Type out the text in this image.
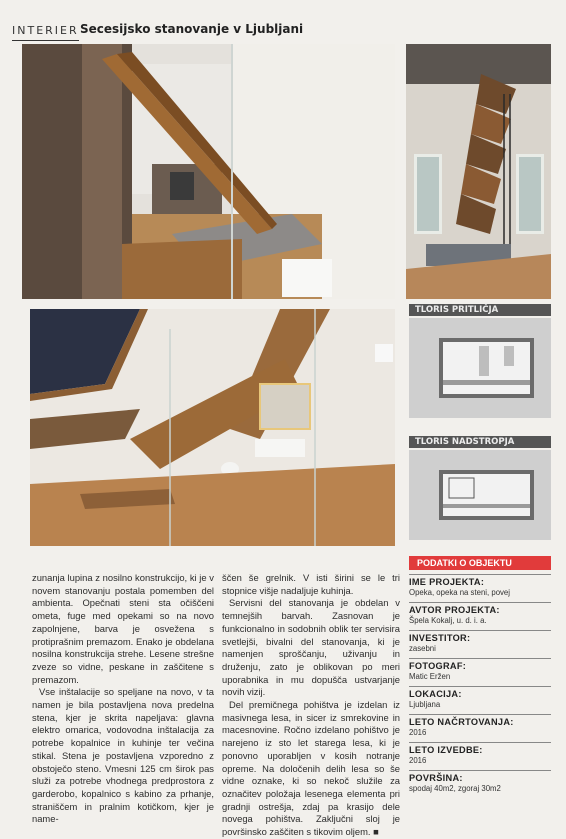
INTERIER Secesijsko stanovanje v Ljubljani
TLORIS PRITLIČJA
TLORIS NADSTROPJA

zunanja lupina z nosilno konstrukcijo, ki je v novem stanovanju postala pomemben del ambienta. Opečnati steni sta očiščeni ometa, fuge med opekami so na novo zapolnjene, barva je osvežena s protiprašnim premazom. Enako je obdelana nosilna konstrukcija strehe. Lesene strešne zveze so vidne, peskane in zaščitene s premazom.

Vse inštalacije so speljane na novo, v ta namen je bila postavljena nova predelna stena, kjer je skrita napeljava: glavna elektro omarica, vodovodna inštalacija za potrebe kopalnice in kuhinje ter večina stikal. Stena je postavljena vzporedno z obstoječo steno. Vmesni 125 cm širok pas služi za potrebe vhodnega predprostora z garderobo, kopalnico s kabino za prhanje, straniščem in pralnim kotičkom, kjer je name-

ščen še grelnik. V isti širini se le tri stopnice višje nadaljuje kuhinja.

Servisni del stanovanja je obdelan v temnejših barvah. Zasnovan je funkcionalno in sodobnih oblik ter servisira svetlejši, bivalni del stanovanja, ki je namenjen sproščanju, uživanju in druženju, zato je oblikovan po meri uporabnika in mu dopušča ustvarjanje novih vizij.

Del premičnega pohištva je izdelan iz masivnega lesa, in sicer iz smrekovine in macesnovine. Ročno izdelano pohištvo je narejeno iz sto let starega lesa, ki je ponovno uporabljen v kosih notranje opreme. Na določenih delih lesa so še vidne oznake, ki so nekoč služile za označitev položaja lesenega elementa pri gradnji ostrešja, zdaj pa krasijo dele novega pohištva. Zaključni sloj je površinsko zaščiten s tikovim oljem. ■

PODATKI O OBJEKTU
IME PROJEKTA:
Opeka, opeka na steni, povej
AVTOR PROJEKTA:
Špela Kokalj, u. d. i. a.
INVESTITOR:
zasebni
FOTOGRAF:
Matic Eržen
LOKACIJA:
Ljubljana
LETO NAČRTOVANJA:
2016
LETO IZVEDBE:
2016
POVRŠINA:
spodaj 40m2, zgoraj 30m2
